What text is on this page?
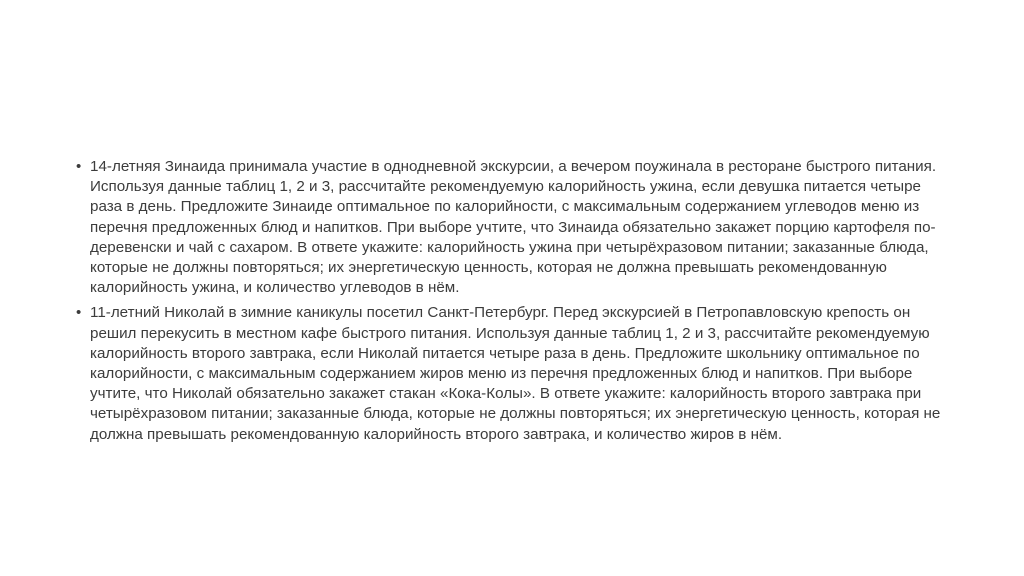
• 14-летняя Зинаида принимала участие в однодневной экскурсии, а вечером поужинала в ресторане быстрого питания. Используя данные таблиц 1, 2 и 3, рассчитайте рекомендуемую калорийность ужина, если девушка питается четыре раза в день. Предложите Зинаиде оптимальное по калорийности, с максимальным содержанием углеводов меню из перечня предложенных блюд и напитков. При выборе учтите, что Зинаида обязательно закажет порцию картофеля по-деревенски и чай с сахаром. В ответе укажите: калорийность ужина при четырёхразовом питании; заказанные блюда, которые не должны повторяться; их энергетическую ценность, которая не должна превышать рекомендованную калорийность ужина, и количество углеводов в нём.
• 11-летний Николай в зимние каникулы посетил Санкт-Петербург. Перед экскурсией в Петропавловскую крепость он решил перекусить в местном кафе быстрого питания. Используя данные таблиц 1, 2 и 3, рассчитайте рекомендуемую калорийность второго завтрака, если Николай питается четыре раза в день. Предложите школьнику оптимальное по калорийности, с максимальным содержанием жиров меню из перечня предложенных блюд и напитков. При выборе учтите, что Николай обязательно закажет стакан «Кока-Колы». В ответе укажите: калорийность второго завтрака при четырёхразовом питании; заказанные блюда, которые не должны повторяться; их энергетическую ценность, которая не должна превышать рекомендованную калорийность второго завтрака, и количество жиров в нём.
